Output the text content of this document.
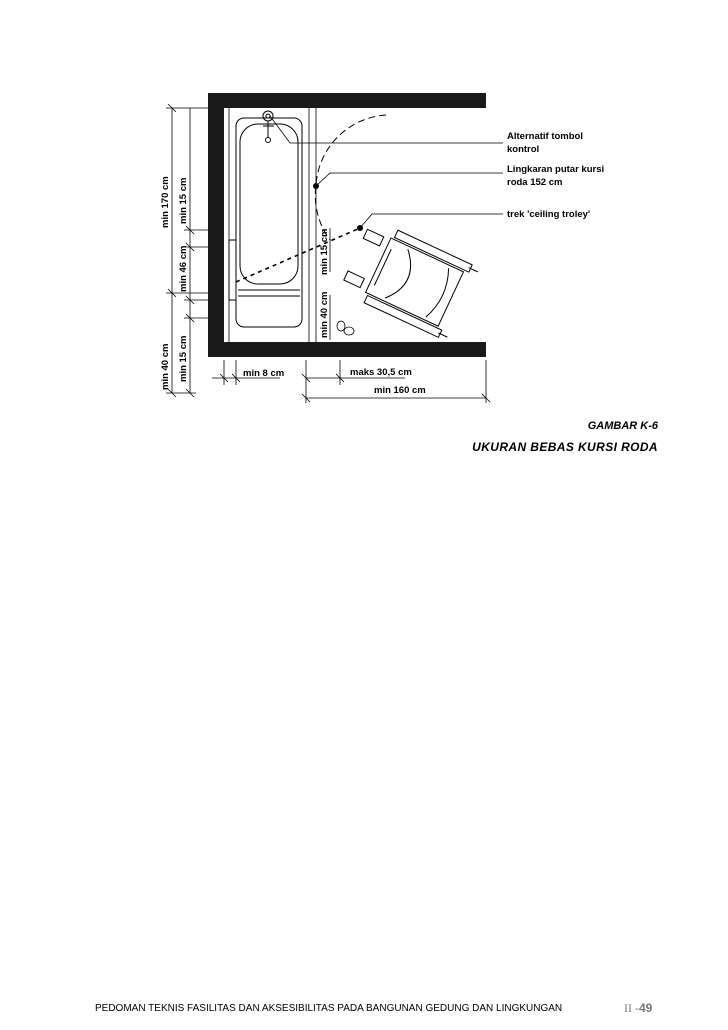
Alternatif tombol
kontrol
Lingkaran putar kursi
roda 152 cm
trek 'ceiling troley'
min 170 cm min 15 cm
min 46 cm
min 40 cm min 15 cm
min 15 cm
min 40 cm
min 8 cm	maks 30,5 cm
min 160 cm
GAMBAR K-6
UKURAN BEBAS KURSI RODA
PEDOMAN TEKNIS FASILITAS DAN AKSESIBILITAS PADA BANGUNAN GEDUNG DAN LINGKUNGAN	II -49
